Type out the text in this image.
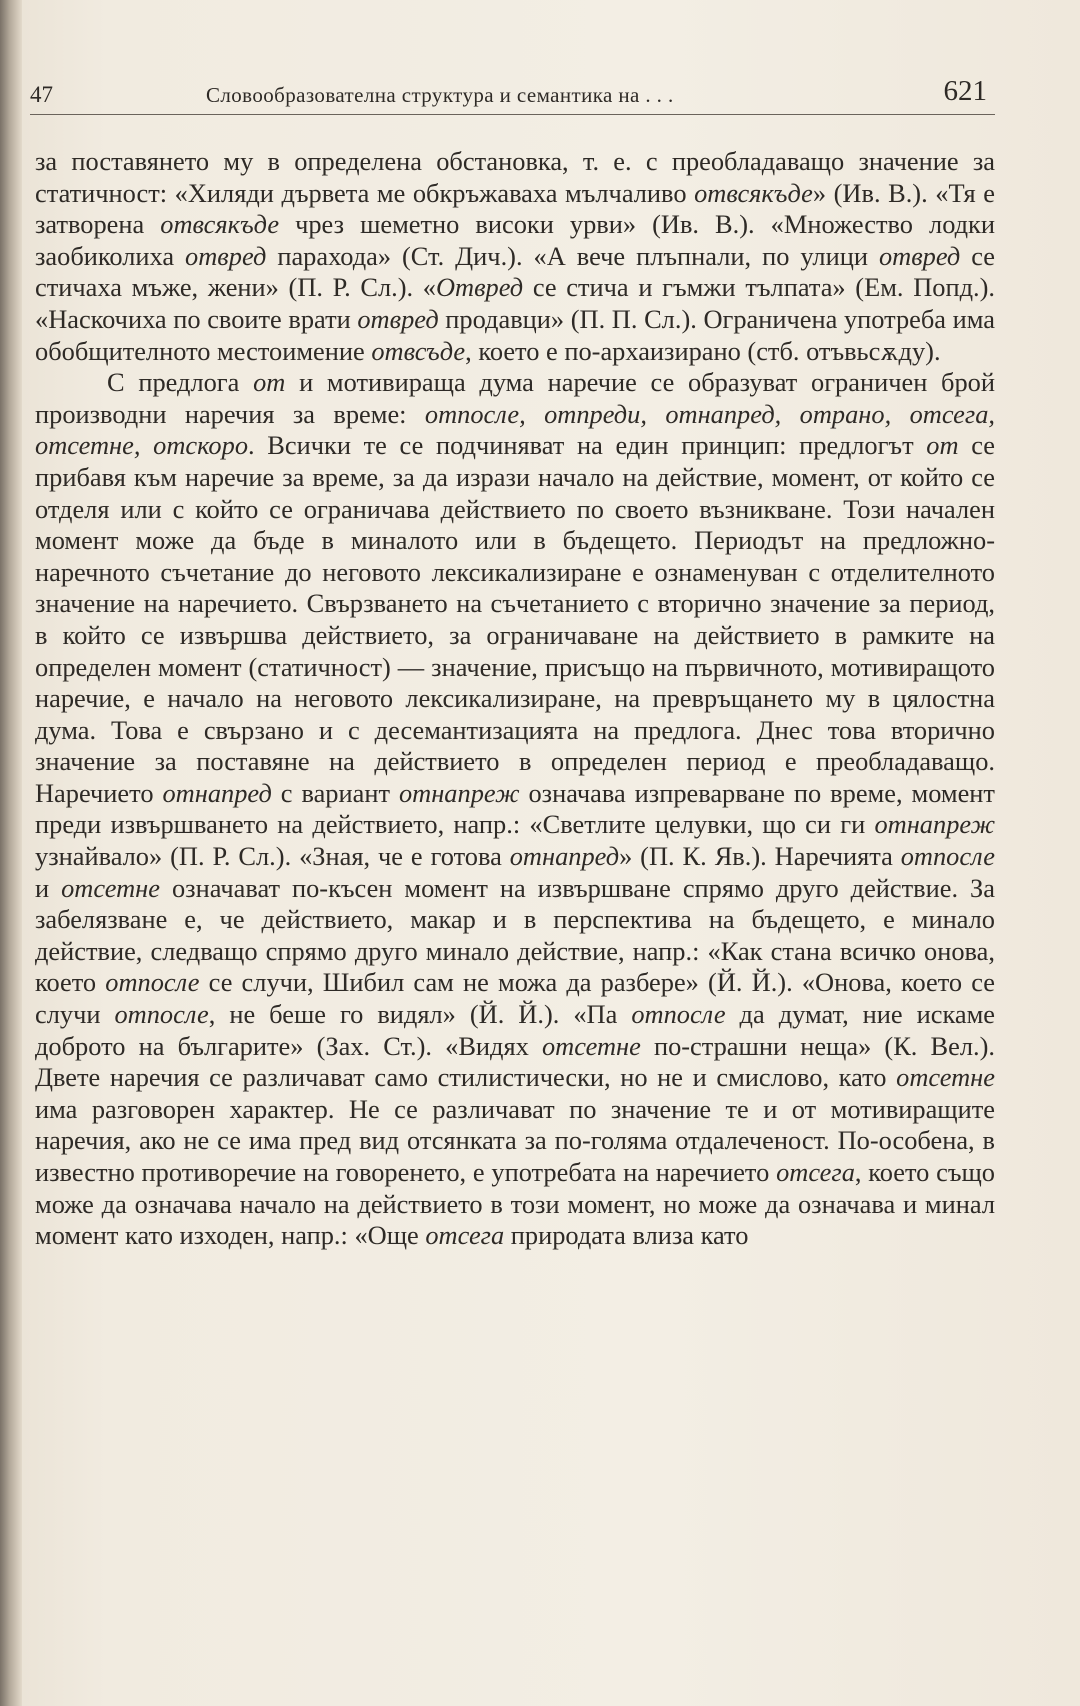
47	Словообразователна структура и семантика на . . .	621

за поставянето му в определена обстановка, т. е. с преобладаващо значение за статичност: «Хиляди дървета ме обкръжаваха мълчаливо отвсякъде» (Ив. В.). «Тя е затворена отвсякъде чрез шеметно високи урви» (Ив. В.). «Множество лодки заобиколиха отвред парахода» (Ст. Дич.). «А вече плъпнали, по улици отвред се стичаха мъже, жени» (П. Р. Сл.). «Отвред се стича и гъмжи тълпата» (Ем. Попд.). «Наскочиха по своите врати отвред продавци» (П. П. Сл.). Ограничена употреба има обобщителното местоимение отвсъде, което е по-архаизирано (стб. отъвьсѫду).

С предлога от и мотивираща дума наречие се образуват ограничен брой производни наречия за време: отпосле, отпреди, отнапред, отрано, отсега, отсетне, отскоро. Всички те се подчиняват на един принцип: предлогът от се прибавя към наречие за време, за да изрази начало на действие, момент, от който се отделя или с който се ограничава действието по своето възникване. Този начален момент може да бъде в миналото или в бъдещето. Периодът на предложно-наречното съчетание до неговото лексикализиране е ознаменуван с отделителното значение на наречието. Свързването на съчетанието с вторично значение за период, в който се извършва действието, за ограничаване на действието в рамките на определен момент (статичност) — значение, присъщо на първичното, мотивиращото наречие, е начало на неговото лексикализиране, на превръщането му в цялостна дума. Това е свързано и с десемантизацията на предлога. Днес това вторично значение за поставяне на действието в определен период е преобладаващо. Наречието отнапред с вариант отнапреж означава изпреварване по време, момент преди извършването на действието, напр.: «Светлите целувки, що си ги отнапреж узнайвало» (П. Р. Сл.). «Зная, че е готова отнапред» (П. К. Яв.). Наречията отпосле и отсетне означават по-късен момент на извършване спрямо друго действие. За забелязване е, че действието, макар и в перспектива на бъдещето, е минало действие, следващо спрямо друго минало действие, напр.: «Как стана всичко онова, което отпосле се случи, Шибил сам не можа да разбере» (Й. Й.). «Онова, което се случи отпосле, не беше го видял» (Й. Й.). «Па отпосле да думат, ние искаме доброто на българите» (Зах. Ст.). «Видях отсетне по-страшни неща» (К. Вел.). Двете наречия се различават само стилистически, но не и смислово, като отсетне има разговорен характер. Не се различават по значение те и от мотивиращите наречия, ако не се има пред вид отсянката за по-голяма отдалеченост. По-особена, в известно противоречие на говоренето, е употребата на наречието отсега, което също може да означава начало на действието в този момент, но може да означава и минал момент като изходен, напр.: «Още отсега природата влиза като
